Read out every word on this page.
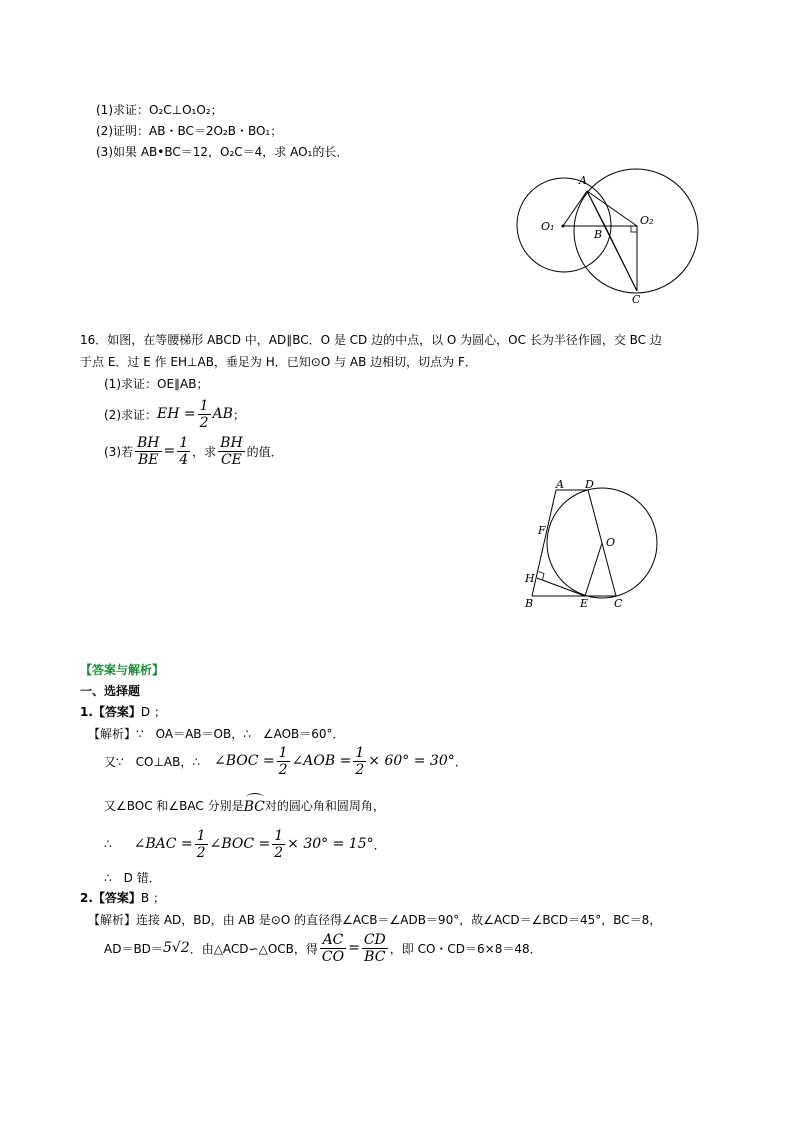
(1)求证：O₂C⊥O₁O₂；
(2)证明：AB・BC＝2O₂B・BO₁；
(3)如果 AB•BC＝12，O₂C＝4，求 AO₁的长．
A
B
C
O₁	O₂
16．如图，在等腰梯形 ABCD 中，AD∥BC．O 是 CD 边的中点，以 O 为圆心，OC 长为半径作圆，交 BC 边
于点 E．过 E 作 EH⊥AB，垂足为 H．已知⊙O 与 AB 边相切，切点为 F．
(1)求证：OE∥AB；
(2)求证： EH = $\frac{1}{2}$ AB ；
(3)若 $\frac{BH}{BE} = \frac{1}{4}$ ，求 $\frac{BH}{CE}$ 的值．
A D
F
O
H
B	E C
【答案与解析】
一、选择题
1.【答案】D ；
【解析】∵　OA＝AB＝OB，∴　∠AOB＝60°．
又∵　CO⊥AB，∴ ∠BOC = $\frac{1}{2}$ ∠AOB = $\frac{1}{2} \times 60^\circ = 30^\circ$ ．
又∠BOC 和∠BAC 分别是 BC 对的圆心角和圆周角，
∴ ∠BAC = $\frac{1}{2}$ ∠BOC = $\frac{1}{2} \times 30^\circ = 15^\circ$ ．
∴　D 错．
2.【答案】B ；
【解析】连接 AD，BD，由 AB 是⊙O 的直径得∠ACB＝∠ADB＝90°，故∠ACD＝∠BCD＝45°，BC＝8，
AD＝BD＝ 5√2 ．由△ACD∽△OCB，得 $\frac{AC}{CO} = \frac{CD}{BC}$ ，即 CO・CD＝6×8＝48．
